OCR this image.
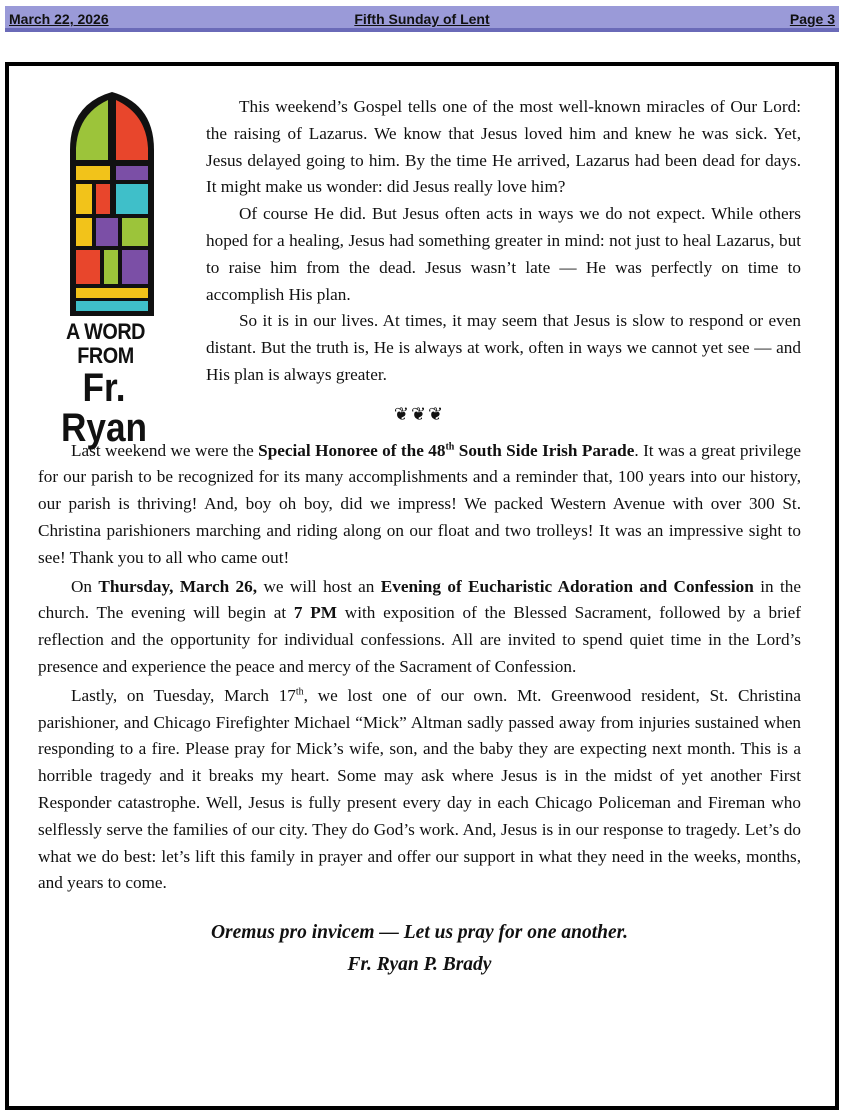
March 22, 2026	Fifth Sunday of Lent	Page 3
A WORD FROM
Fr. Ryan

This weekend’s Gospel tells one of the most well-known miracles of Our Lord: the raising of Lazarus. We know that Jesus loved him and knew he was sick. Yet, Jesus delayed going to him. By the time He arrived, Lazarus had been dead for days. It might make us wonder: did Jesus really love him?

Of course He did. But Jesus often acts in ways we do not expect. While others hoped for a healing, Jesus had something greater in mind: not just to heal Lazarus, but to raise him from the dead. Jesus wasn’t late — He was perfectly on time to accomplish His plan.

So it is in our lives. At times, it may seem that Jesus is slow to respond or even distant. But the truth is, He is always at work, often in ways we cannot yet see — and His plan is always greater.

❦❦❦

Last weekend we were the Special Honoree of the 48th South Side Irish Parade. It was a great privilege for our parish to be recognized for its many accomplishments and a reminder that, 100 years into our history, our parish is thriving! And, boy oh boy, did we impress! We packed Western Avenue with over 300 St. Christina parishioners marching and riding along on our float and two trolleys! It was an impressive sight to see! Thank you to all who came out!

On Thursday, March 26, we will host an Evening of Eucharistic Adoration and Confession in the church. The evening will begin at 7 PM with exposition of the Blessed Sacrament, followed by a brief reflection and the opportunity for individual confessions. All are invited to spend quiet time in the Lord’s presence and experience the peace and mercy of the Sacrament of Confession.

Lastly, on Tuesday, March 17th, we lost one of our own. Mt. Greenwood resident, St. Christina parishioner, and Chicago Firefighter Michael “Mick” Altman sadly passed away from injuries sustained when responding to a fire. Please pray for Mick’s wife, son, and the baby they are expecting next month. This is a horrible tragedy and it breaks my heart. Some may ask where Jesus is in the midst of yet another First Responder catastrophe. Well, Jesus is fully present every day in each Chicago Policeman and Fireman who selflessly serve the families of our city. They do God’s work. And, Jesus is in our response to tragedy. Let’s do what we do best: let’s lift this family in prayer and offer our support in what they need in the weeks, months, and years to come.

Oremus pro invicem — Let us pray for one another.
Fr. Ryan P. Brady
